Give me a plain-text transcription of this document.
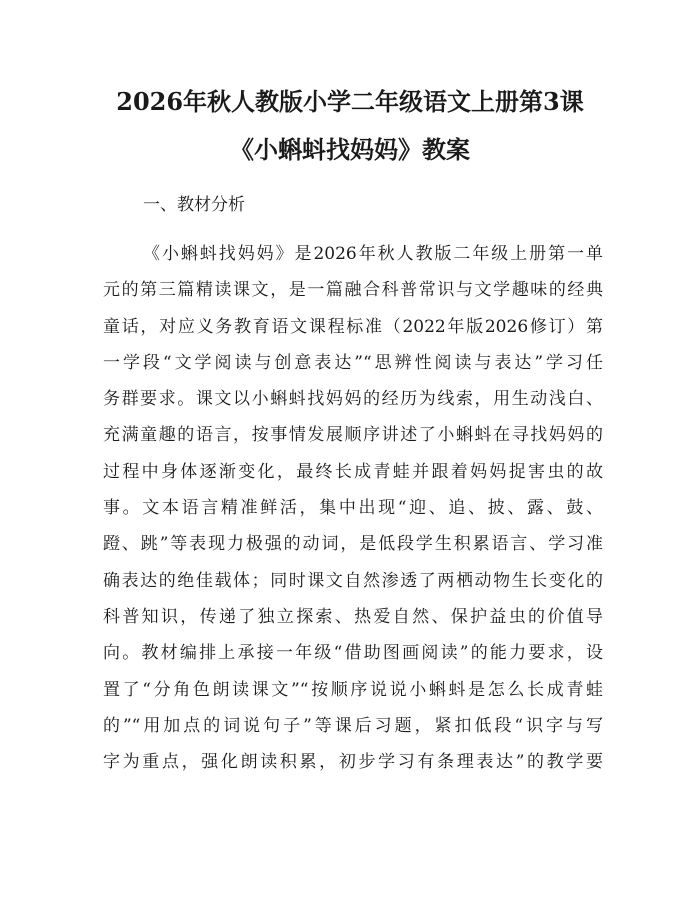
2026年秋人教版小学二年级语文上册第3课
《小蝌蚪找妈妈》教案

一、教材分析

《小蝌蚪找妈妈》是2026年秋人教版二年级上册第一单
元的第三篇精读课文，是一篇融合科普常识与文学趣味的经典
童话，对应义务教育语文课程标准（2022年版2026修订）第
一学段“文学阅读与创意表达”“思辨性阅读与表达”学习任
务群要求。课文以小蝌蚪找妈妈的经历为线索，用生动浅白、
充满童趣的语言，按事情发展顺序讲述了小蝌蚪在寻找妈妈的
过程中身体逐渐变化，最终长成青蛙并跟着妈妈捉害虫的故
事。文本语言精准鲜活，集中出现“迎、追、披、露、鼓、
蹬、跳”等表现力极强的动词，是低段学生积累语言、学习准
确表达的绝佳载体；同时课文自然渗透了两栖动物生长变化的
科普知识，传递了独立探索、热爱自然、保护益虫的价值导
向。教材编排上承接一年级“借助图画阅读”的能力要求，设
置了“分角色朗读课文”“按顺序说说小蝌蚪是怎么长成青蛙
的”“用加点的词说句子”等课后习题，紧扣低段“识字与写
字为重点，强化朗读积累，初步学习有条理表达”的教学要
